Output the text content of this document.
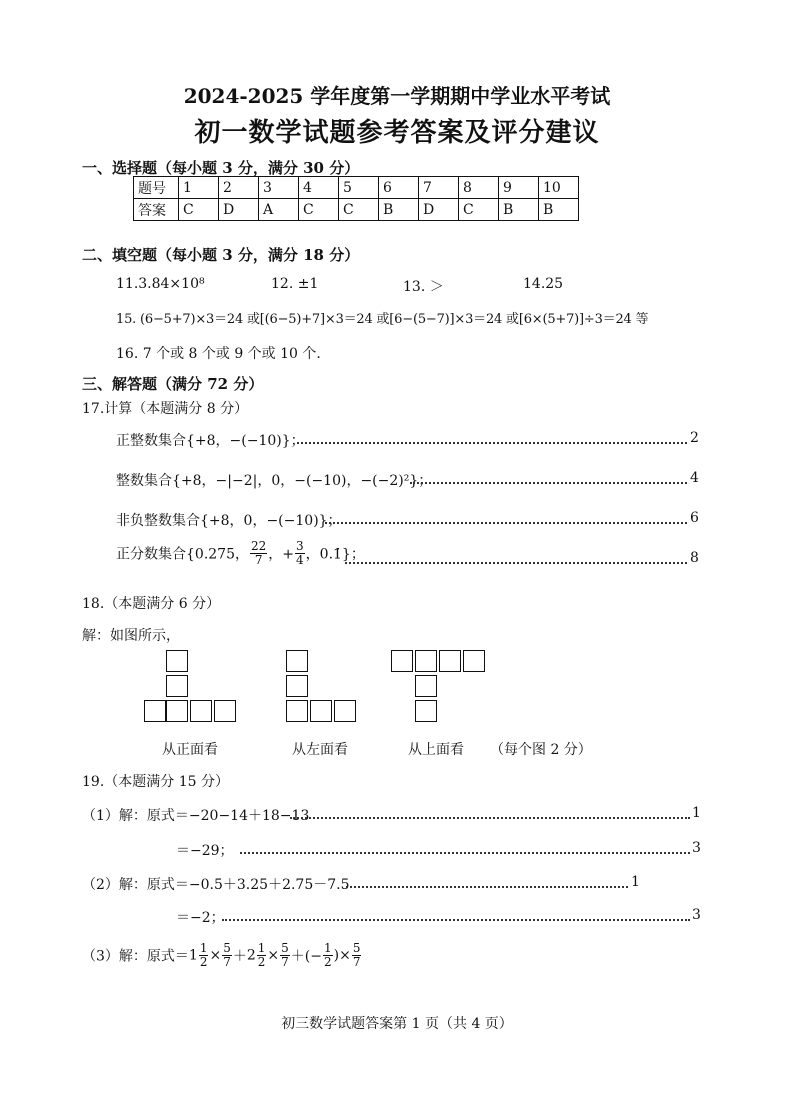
2024-2025 学年度第一学期期中学业水平考试
初一数学试题参考答案及评分建议
一、选择题（每小题 3 分，满分 30 分）
题号	1	2	3	4	5	6	7	8	9	10
答案	C	D	A	C	C	B	D	C	B	B
二、填空题（每小题 3 分，满分 18 分）
11.3.84×10⁸	12. ±1	13. ＞	14.25
15. (6−5+7)×3＝24 或[(6−5)+7]×3＝24 或[6−(5−7)]×3＝24 或[6×(5+7)]÷3＝24 等
16. 7 个或 8 个或 9 个或 10 个.
三、解答题（满分 72 分）
17.计算（本题满分 8 分）
正整数集合{+8，−(−10)}；	2
整数集合{+8，−|−2|，0，−(−10)，−(−2)²}；	4
非负整数集合{+8，0，−(−10)}；	6
正分数集合{0.275， $\frac{22}{7}$ ，+ $\frac{3}{4}$ ，0.1̇}；	8
18.（本题满分 6 分）
解：如图所示，
从正面看	从左面看	从上面看 （每个图 2 分）
19.（本题满分 15 分）
（1）解：原式＝−20−14＋18−13	1
＝−29；	3
（2）解：原式＝−0.5＋3.25＋2.75－7.5	1
＝−2；	3
（3）解：原式$=1 \frac{1}{2} \times \frac{5}{7} +2 \frac{1}{2} \times \frac{5}{7}$ ＋(− $\frac{1}{2}$ )× $\frac{5}{7}$
初三数学试题答案第 1 页（共 4 页）
